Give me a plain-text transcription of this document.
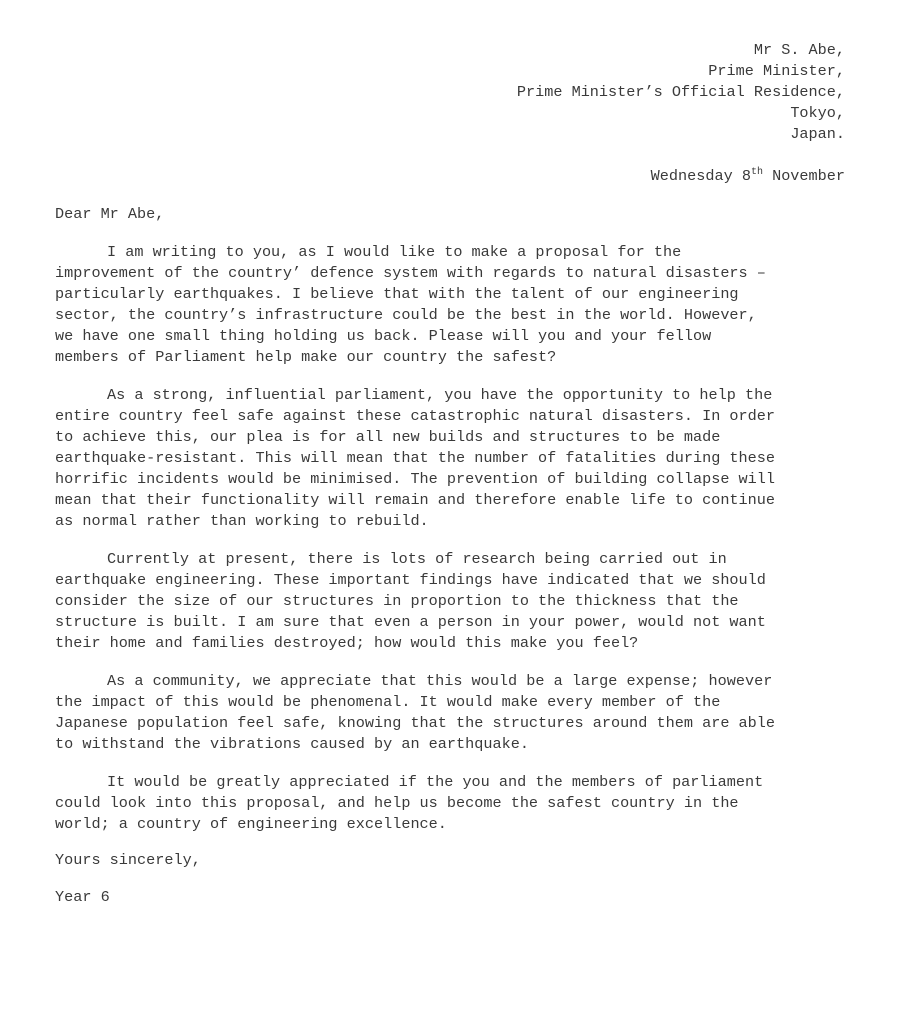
Mr S. Abe,
Prime Minister,
Prime Minister’s Official Residence,
Tokyo,
Japan.
Wednesday 8th November
Dear Mr Abe,
I am writing to you, as I would like to make a proposal for the
improvement of the country’ defence system with regards to natural disasters –
particularly earthquakes. I believe that with the talent of our engineering
sector, the country’s infrastructure could be the best in the world. However,
we have one small thing holding us back. Please will you and your fellow
members of Parliament help make our country the safest?
As a strong, influential parliament, you have the opportunity to help the
entire country feel safe against these catastrophic natural disasters. In order
to achieve this, our plea is for all new builds and structures to be made
earthquake-resistant. This will mean that the number of fatalities during these
horrific incidents would be minimised. The prevention of building collapse will
mean that their functionality will remain and therefore enable life to continue
as normal rather than working to rebuild.
Currently at present, there is lots of research being carried out in
earthquake engineering. These important findings have indicated that we should
consider the size of our structures in proportion to the thickness that the
structure is built. I am sure that even a person in your power, would not want
their home and families destroyed; how would this make you feel?
As a community, we appreciate that this would be a large expense; however
the impact of this would be phenomenal. It would make every member of the
Japanese population feel safe, knowing that the structures around them are able
to withstand the vibrations caused by an earthquake.
It would be greatly appreciated if the you and the members of parliament
could look into this proposal, and help us become the safest country in the
world; a country of engineering excellence.
Yours sincerely,
Year 6
